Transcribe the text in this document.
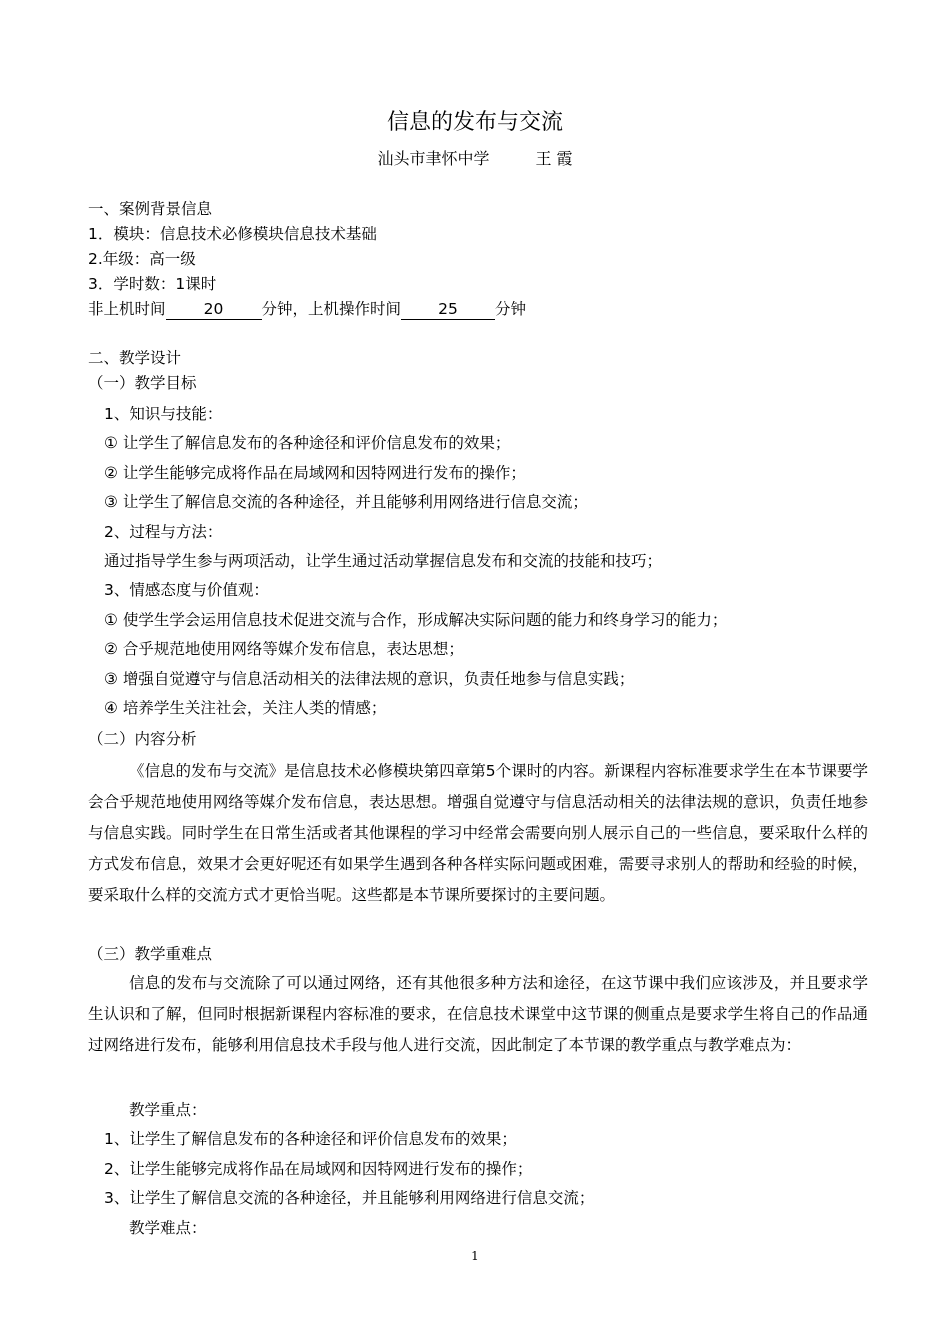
信息的发布与交流
汕头市聿怀中学	王 霞
一、案例背景信息
1．模块：信息技术必修模块信息技术基础
2.年级：高一级
3．学时数：1课时
非上机时间 20 分钟，上机操作时间 25 分钟
二、教学设计
（一）教学目标
1、知识与技能：
① 让学生了解信息发布的各种途径和评价信息发布的效果；
② 让学生能够完成将作品在局域网和因特网进行发布的操作；
③ 让学生了解信息交流的各种途径，并且能够利用网络进行信息交流；
2、过程与方法：
通过指导学生参与两项活动，让学生通过活动掌握信息发布和交流的技能和技巧；
3、情感态度与价值观：
① 使学生学会运用信息技术促进交流与合作，形成解决实际问题的能力和终身学习的能力；
② 合乎规范地使用网络等媒介发布信息，表达思想；
③ 增强自觉遵守与信息活动相关的法律法规的意识，负责任地参与信息实践；
④ 培养学生关注社会，关注人类的情感；
（二）内容分析
《信息的发布与交流》是信息技术必修模块第四章第5个课时的内容。新课程内容标准要求学生在本节课要学会合乎规范地使用网络等媒介发布信息，表达思想。增强自觉遵守与信息活动相关的法律法规的意识，负责任地参与信息实践。同时学生在日常生活或者其他课程的学习中经常会需要向别人展示自己的一些信息，要采取什么样的方式发布信息，效果才会更好呢还有如果学生遇到各种各样实际问题或困难，需要寻求别人的帮助和经验的时候，要采取什么样的交流方式才更恰当呢。这些都是本节课所要探讨的主要问题。
（三）教学重难点
信息的发布与交流除了可以通过网络，还有其他很多种方法和途径，在这节课中我们应该涉及，并且要求学生认识和了解，但同时根据新课程内容标准的要求，在信息技术课堂中这节课的侧重点是要求学生将自己的作品通过网络进行发布，能够利用信息技术手段与他人进行交流，因此制定了本节课的教学重点与教学难点为：
教学重点：
1、让学生了解信息发布的各种途径和评价信息发布的效果；
2、让学生能够完成将作品在局域网和因特网进行发布的操作；
3、让学生了解信息交流的各种途径，并且能够利用网络进行信息交流；
教学难点：
1
